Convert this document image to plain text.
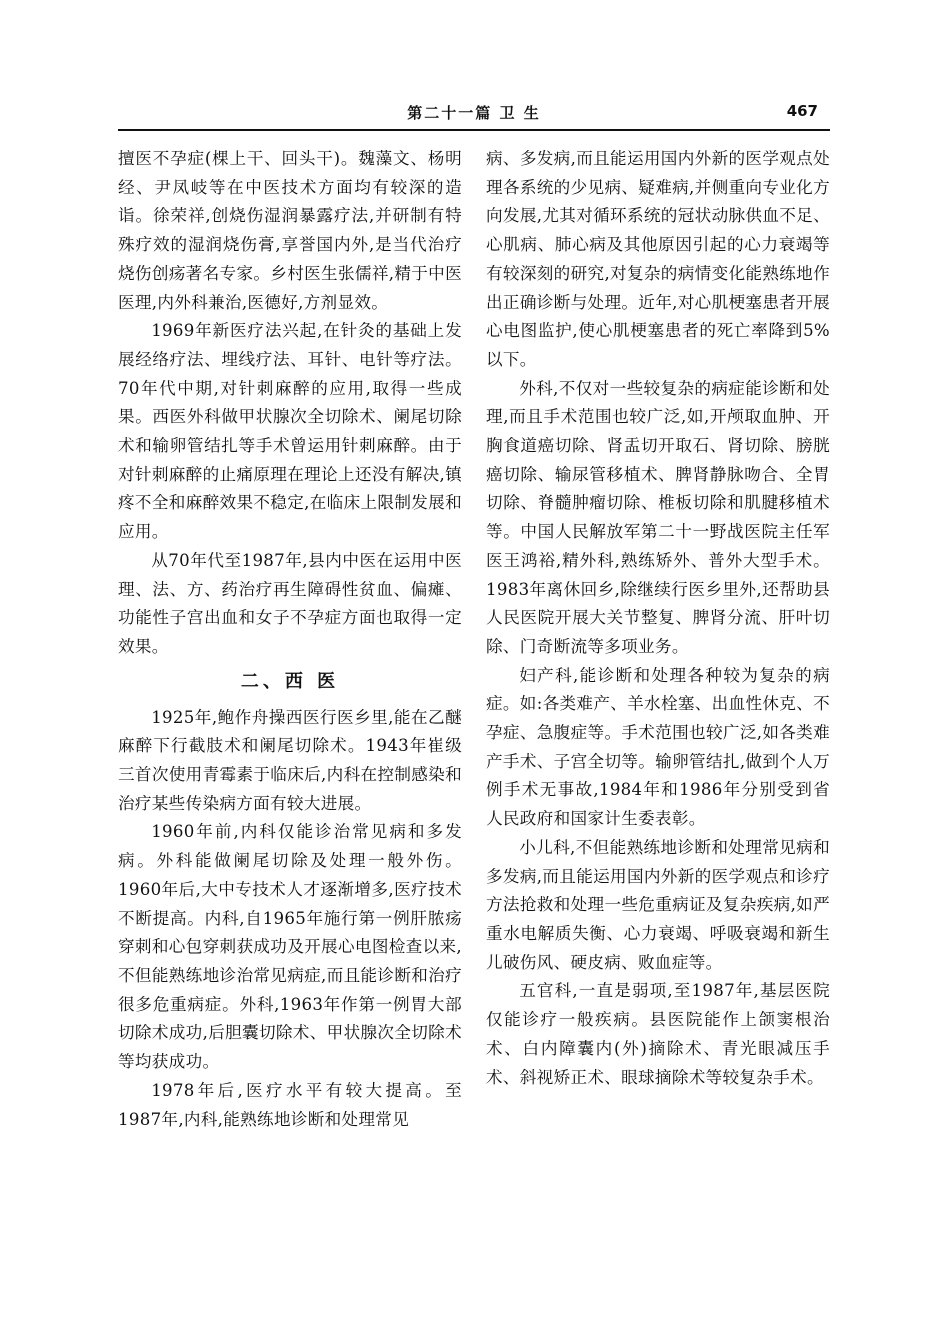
第二十一篇 卫 生	467

擅医不孕症(棵上干、回头干)。魏藻文、杨明经、尹凤岐等在中医技术方面均有较深的造诣。徐荣祥,创烧伤湿润暴露疗法,并研制有特殊疗效的湿润烧伤膏,享誉国内外,是当代治疗烧伤创疡著名专家。乡村医生张儒祥,精于中医医理,内外科兼治,医德好,方剂显效。

1969年新医疗法兴起,在针灸的基础上发展经络疗法、埋线疗法、耳针、电针等疗法。70年代中期,对针刺麻醉的应用,取得一些成果。西医外科做甲状腺次全切除术、阑尾切除术和输卵管结扎等手术曾运用针刺麻醉。由于对针刺麻醉的止痛原理在理论上还没有解决,镇疼不全和麻醉效果不稳定,在临床上限制发展和应用。

从70年代至1987年,县内中医在运用中医理、法、方、药治疗再生障碍性贫血、偏瘫、功能性子宫出血和女子不孕症方面也取得一定效果。

二、西 医

1925年,鲍作舟操西医行医乡里,能在乙醚麻醉下行截肢术和阑尾切除术。1943年崔级三首次使用青霉素于临床后,内科在控制感染和治疗某些传染病方面有较大进展。

1960年前,内科仅能诊治常见病和多发病。外科能做阑尾切除及处理一般外伤。1960年后,大中专技术人才逐渐增多,医疗技术不断提高。内科,自1965年施行第一例肝脓疡穿刺和心包穿刺获成功及开展心电图检查以来,不但能熟练地诊治常见病症,而且能诊断和治疗很多危重病症。外科,1963年作第一例胃大部切除术成功,后胆囊切除术、甲状腺次全切除术等均获成功。

1978年后,医疗水平有较大提高。至1987年,内科,能熟练地诊断和处理常见

病、多发病,而且能运用国内外新的医学观点处理各系统的少见病、疑难病,并侧重向专业化方向发展,尤其对循环系统的冠状动脉供血不足、心肌病、肺心病及其他原因引起的心力衰竭等有较深刻的研究,对复杂的病情变化能熟练地作出正确诊断与处理。近年,对心肌梗塞患者开展心电图监护,使心肌梗塞患者的死亡率降到5%以下。

外科,不仅对一些较复杂的病症能诊断和处理,而且手术范围也较广泛,如,开颅取血肿、开胸食道癌切除、肾盂切开取石、肾切除、膀胱癌切除、输尿管移植术、脾肾静脉吻合、全胃切除、脊髓肿瘤切除、椎板切除和肌腱移植术等。中国人民解放军第二十一野战医院主任军医王鸿裕,精外科,熟练矫外、普外大型手术。1983年离休回乡,除继续行医乡里外,还帮助县人民医院开展大关节整复、脾肾分流、肝叶切除、门奇断流等多项业务。

妇产科,能诊断和处理各种较为复杂的病症。如:各类难产、羊水栓塞、出血性休克、不孕症、急腹症等。手术范围也较广泛,如各类难产手术、子宫全切等。输卵管结扎,做到个人万例手术无事故,1984年和1986年分别受到省人民政府和国家计生委表彰。

小儿科,不但能熟练地诊断和处理常见病和多发病,而且能运用国内外新的医学观点和诊疗方法抢救和处理一些危重病证及复杂疾病,如严重水电解质失衡、心力衰竭、呼吸衰竭和新生儿破伤风、硬皮病、败血症等。

五官科,一直是弱项,至1987年,基层医院仅能诊疗一般疾病。县医院能作上颌窦根治术、白内障囊内(外)摘除术、青光眼减压手术、斜视矫正术、眼球摘除术等较复杂手术。
